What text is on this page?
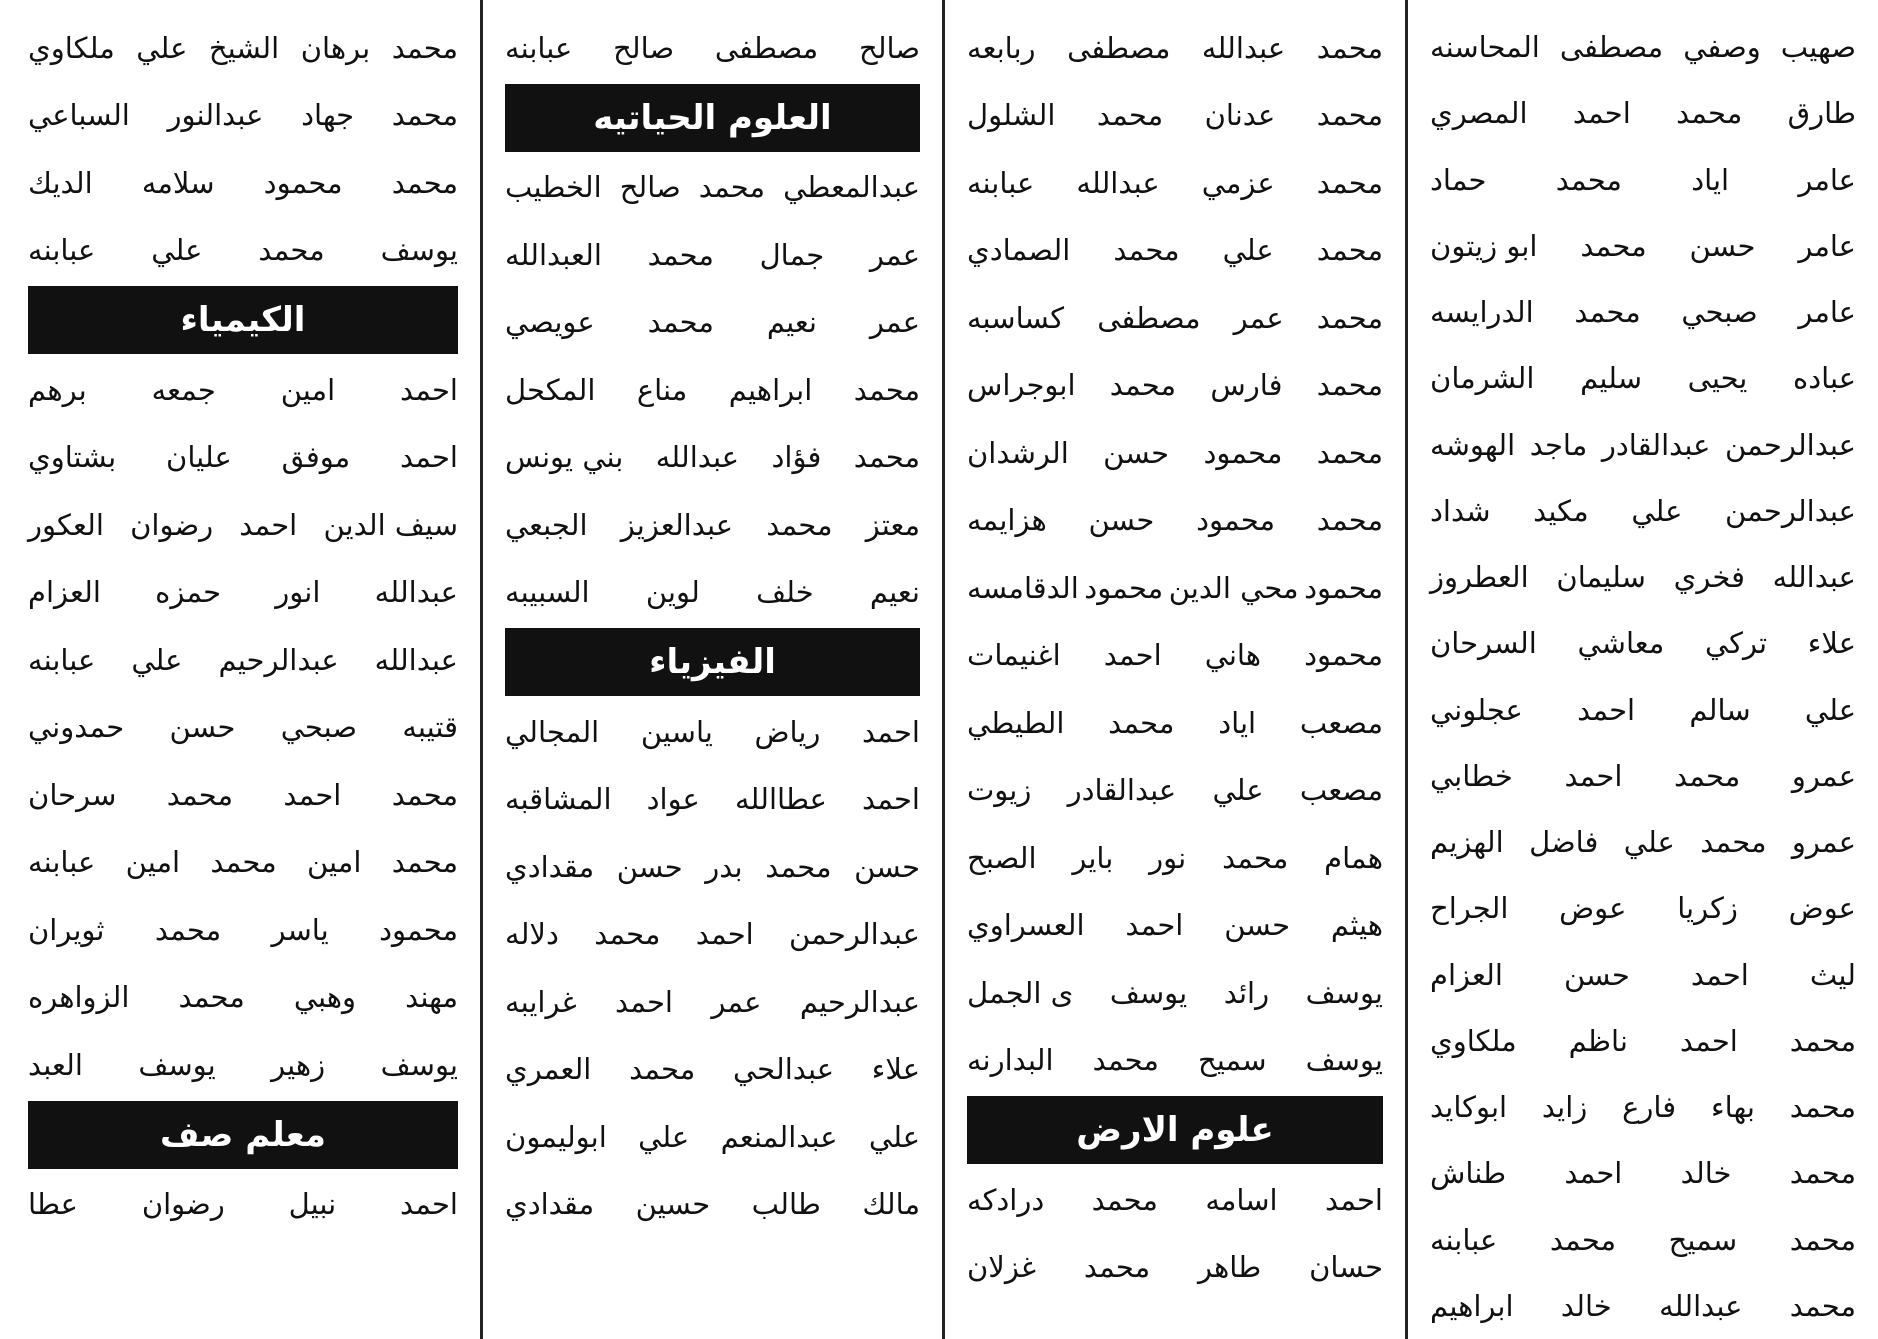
صهيب
وصفي
مصطفى
المحاسنه
طارق
محمد
احمد
المصري
عامر
اياد
محمد
حماد
عامر
حسن
محمد
ابو زيتون
عامر
صبحي
محمد
الدرايسه
عباده
يحيى
سليم
الشرمان
عبدالرحمن
عبدالقادر
ماجد
الهوشه
عبدالرحمن
علي
مكيد
شداد
عبدالله
فخري
سليمان
العطروز
علاء
تركي
معاشي
السرحان
علي
سالم
احمد
عجلوني
عمرو
محمد
احمد
خطابي
عمرو
محمد
علي
فاضل
الهزيم
عوض
زكريا
عوض
الجراح
ليث
احمد
حسن
العزام
محمد
احمد
ناظم
ملكاوي
محمد
بهاء
فارع
زايد
ابوكايد
محمد
خالد
احمد
طناش
محمد
سميح
محمد
عبابنه
محمد
عبدالله
خالد
ابراهيم
محمد
عبدالله
مصطفى
ربابعه
محمد
عدنان
محمد
الشلول
محمد
عزمي
عبدالله
عبابنه
محمد
علي
محمد
الصمادي
محمد
عمر
مصطفى
كساسبه
محمد
فارس
محمد
ابوجراس
محمد
محمود
حسن
الرشدان
محمد
محمود
حسن
هزايمه
محمود
محي الدين
محمود
الدقامسه
محمود
هاني
احمد
اغنيمات
مصعب
اياد
محمد
الطيطي
مصعب
علي
عبدالقادر
زيوت
همام
محمد
نور
باير
الصبح
هيثم
حسن
احمد
العسراوي
يوسف
رائد
يوسف
ى الجمل
يوسف
سميح
محمد
البدارنه
علوم الارض
احمد
اسامه
محمد
درادكه
حسان
طاهر
محمد
غزلان
صالح
مصطفى
صالح
عبابنه
العلوم الحياتيه
عبدالمعطي
محمد
صالح
الخطيب
عمر
جمال
محمد
العبدالله
عمر
نعيم
محمد
عويصي
محمد
ابراهيم
مناع
المكحل
محمد
فؤاد
عبدالله
بني يونس
معتز
محمد
عبدالعزيز
الجبعي
نعيم
خلف
لوين
السبيبه
الفيزياء
احمد
رياض
ياسين
المجالي
احمد
عطاالله
عواد
المشاقبه
حسن
محمد
بدر
حسن
مقدادي
عبدالرحمن
احمد
محمد
دلاله
عبدالرحيم
عمر
احمد
غرايبه
علاء
عبدالحي
محمد
العمري
علي
عبدالمنعم
علي
ابوليمون
مالك
طالب
حسين
مقدادي
محمد
برهان
الشيخ
علي
ملكاوي
محمد
جهاد
عبدالنور
السباعي
محمد
محمود
سلامه
الديك
يوسف
محمد
علي
عبابنه
الكيمياء
احمد
امين
جمعه
برهم
احمد
موفق
عليان
بشتاوي
سيف الدين
احمد
رضوان
العكور
عبدالله
انور
حمزه
العزام
عبدالله
عبدالرحيم
علي
عبابنه
قتيبه
صبحي
حسن
حمدوني
محمد
احمد
محمد
سرحان
محمد
امين
محمد
امين
عبابنه
محمود
ياسر
محمد
ثويران
مهند
وهبي
محمد
الزواهره
يوسف
زهير
يوسف
العبد
معلم صف
احمد
نبيل
رضوان
عطا
